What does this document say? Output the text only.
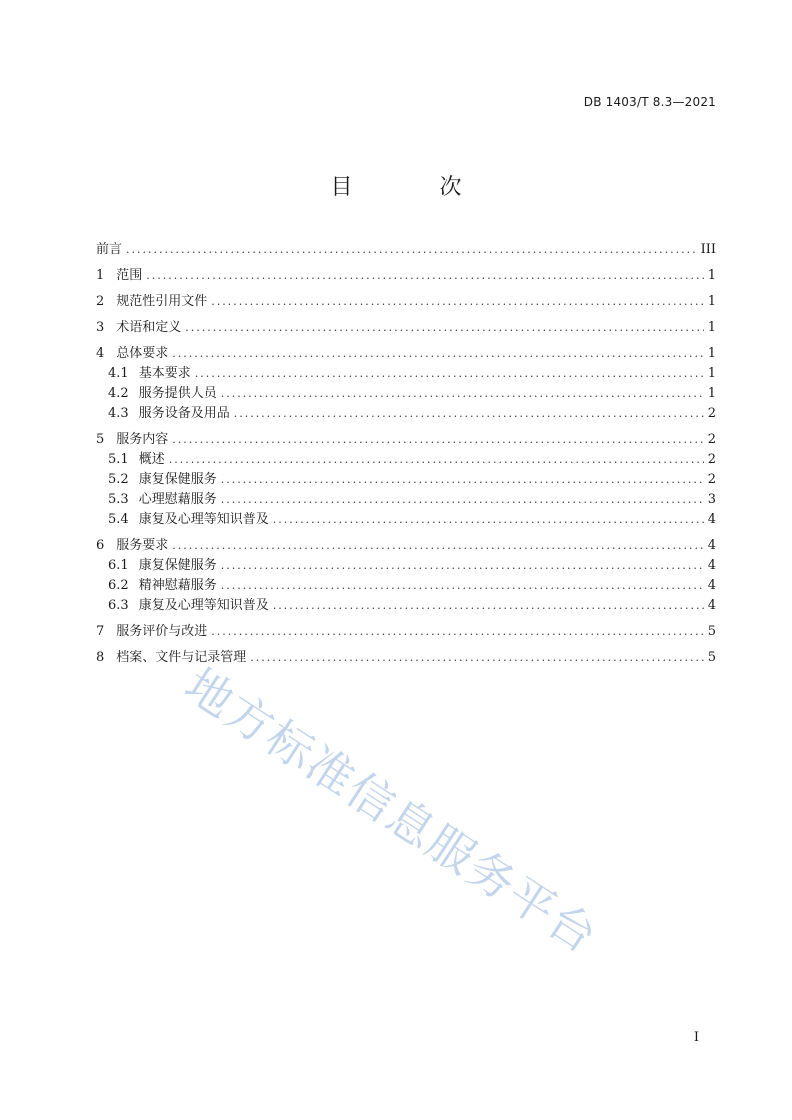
DB 1403/T 8.3—2021
目 次
前言 .....	III
1 范围 .....	1
2 规范性引用文件 .....	1
3 术语和定义 .....	1
4 总体要求 .....	1
4.1 基本要求 .....	1
4.2 服务提供人员 .....	1
4.3 服务设备及用品 .....	2
5 服务内容 .....	2
5.1 概述 .....	2
5.2 康复保健服务 .....	2
5.3 心理慰藉服务 .....	3
5.4 康复及心理等知识普及 .....	4
6 服务要求 .....	4
6.1 康复保健服务 .....	4
6.2 精神慰藉服务 .....	4
6.3 康复及心理等知识普及 .....	4
7 服务评价与改进 .....	5
8 档案、文件与记录管理 .....	5
地方标准信息服务平台
I
